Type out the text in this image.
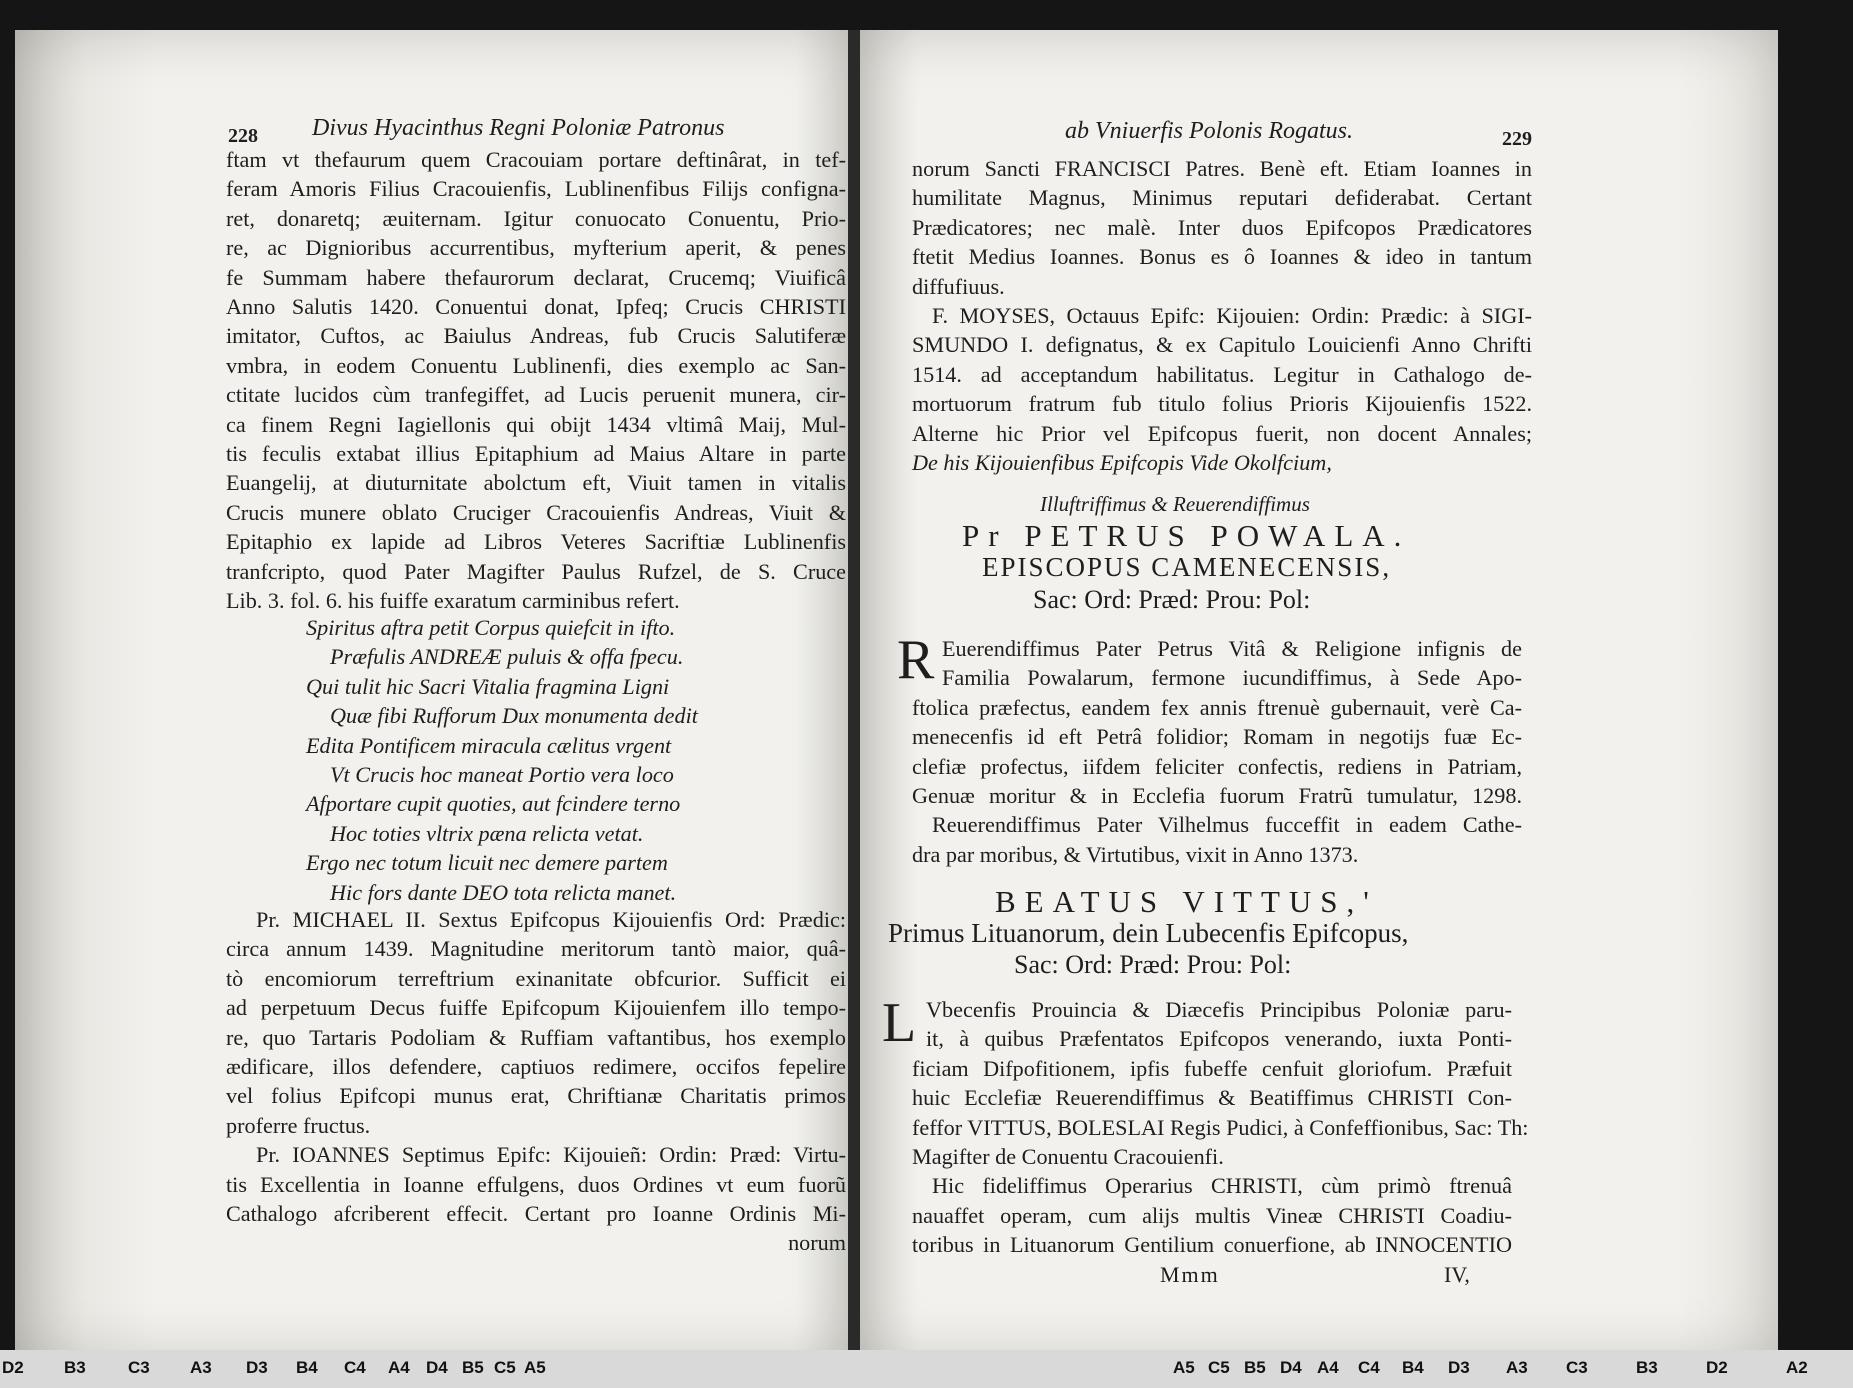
228 Divus Hyacinthus Regni Poloniæ Patronus
ftam vt thefaurum quem Cracouiam portare deftinârat, in tef-
feram Amoris Filius Cracouienfis, Lublinenfibus Filijs configna-
ret, donaretq; æuiternam. Igitur conuocato Conuentu, Prio-
re, ac Dignioribus accurrentibus, myfterium aperit, & penes
fe Summam habere thefaurorum declarat, Crucemq; Viuificâ
Anno Salutis 1420. Conuentui donat, Ipfeq; Crucis CHRISTI
imitator, Cuftos, ac Baiulus Andreas, fub Crucis Salutiferæ
vmbra, in eodem Conuentu Lublinenfi, dies exemplo ac San-
ctitate lucidos cùm tranfegiffet, ad Lucis peruenit munera, cir-
ca finem Regni Iagiellonis qui obijt 1434 vltimâ Maij, Mul-
tis feculis extabat illius Epitaphium ad Maius Altare in parte
Euangelij, at diuturnitate abolctum eft, Viuit tamen in vitalis
Crucis munere oblato Cruciger Cracouienfis Andreas, Viuit &
Epitaphio ex lapide ad Libros Veteres Sacriftiæ Lublinenfis
tranfcripto, quod Pater Magifter Paulus Rufzel, de S. Cruce
Lib. 3. fol. 6. his fuiffe exaratum carminibus refert.
Spiritus aftra petit Corpus quiefcit in ifto.
Præfulis ANDREÆ puluis & offa fpecu.
Qui tulit hic Sacri Vitalia fragmina Ligni
Quæ fibi Rufforum Dux monumenta dedit
Edita Pontificem miracula cælitus vrgent
Vt Crucis hoc maneat Portio vera loco
Afportare cupit quoties, aut fcindere terno
Hoc toties vltrix pæna relicta vetat.
Ergo nec totum licuit nec demere partem
Hic fors dante DEO tota relicta manet.
Pr. MICHAEL II. Sextus Epifcopus Kijouienfis Ord: Prædic:
circa annum 1439. Magnitudine meritorum tantò maior, quâ-
tò encomiorum terreftrium exinanitate obfcurior. Sufficit ei
ad perpetuum Decus fuiffe Epifcopum Kijouienfem illo tempo-
re, quo Tartaris Podoliam & Ruffiam vaftantibus, hos exemplo
ædificare, illos defendere, captiuos redimere, occifos fepelire
vel folius Epifcopi munus erat, Chriftianæ Charitatis primos
proferre fructus.
Pr. IOANNES Septimus Epifc: Kijouieñ: Ordin: Præd: Virtu-
tis Excellentia in Ioanne effulgens, duos Ordines vt eum fuorũ
Cathalogo afcriberent effecit. Certant pro Ioanne Ordinis Mi-
norum
ab Vniuerfis Polonis Rogatus.	229
norum Sancti FRANCISCI Patres. Benè eft. Etiam Ioannes in
humilitate Magnus, Minimus reputari defiderabat. Certant
Prædicatores; nec malè. Inter duos Epifcopos Prædicatores
ftetit Medius Ioannes. Bonus es ô Ioannes & ideo in tantum
diffufiuus.
F. MOYSES, Octauus Epifc: Kijouien: Ordin: Prædic: à SIGI-
SMUNDO I. defignatus, & ex Capitulo Louicienfi Anno Chrifti
1514. ad acceptandum habilitatus. Legitur in Cathalogo de-
mortuorum fratrum fub titulo folius Prioris Kijouienfis 1522.
Alterne hic Prior vel Epifcopus fuerit, non docent Annales;
De his Kijouienfibus Epifcopis Vide Okolfcium,
Illuftriffimus & Reuerendiffimus
Pr PETRUS POWALA.
EPISCOPUS CAMENECENSIS,
Sac: Ord: Præd: Prou: Pol:
R Euerendiffimus Pater Petrus Vitâ & Religione infignis de
Familia Powalarum, fermone iucundiffimus, à Sede Apo-
ftolica præfectus, eandem fex annis ftrenuè gubernauit, verè Ca-
menecenfis id eft Petrâ folidior; Romam in negotijs fuæ Ec-
clefiæ profectus, iifdem feliciter confectis, rediens in Patriam,
Genuæ moritur & in Ecclefia fuorum Fratrũ tumulatur, 1298.
Reuerendiffimus Pater Vilhelmus fucceffit in eadem Cathe-
dra par moribus, & Virtutibus, vixit in Anno 1373.
BEATUS VITTUS,'
Primus Lituanorum, dein Lubecenfis Epifcopus,
Sac: Ord: Præd: Prou: Pol:
L Vbecenfis Prouincia & Diæcefis Principibus Poloniæ paru-
it, à quibus Præfentatos Epifcopos venerando, iuxta Ponti-
ficiam Difpofitionem, ipfis fubeffe cenfuit gloriofum. Præfuit
huic Ecclefiæ Reuerendiffimus & Beatiffimus CHRISTI Con-
feffor VITTUS, BOLESLAI Regis Pudici, à Confeffionibus, Sac: Th:
Magifter de Conuentu Cracouienfi.
Hic fideliffimus Operarius CHRISTI, cùm primò ftrenuâ
nauaffet operam, cum alijs multis Vineæ CHRISTI Coadiu-
toribus in Lituanorum Gentilium conuerfione, ab INNOCENTIO
Mmm	IV,
D2 B3 C3 A3 D3 B4 C4 A4 D4 B5 C5 A5	A5 C5 B5 D4 A4 C4 B4 D3 A3 C3	B3	D2	A2
